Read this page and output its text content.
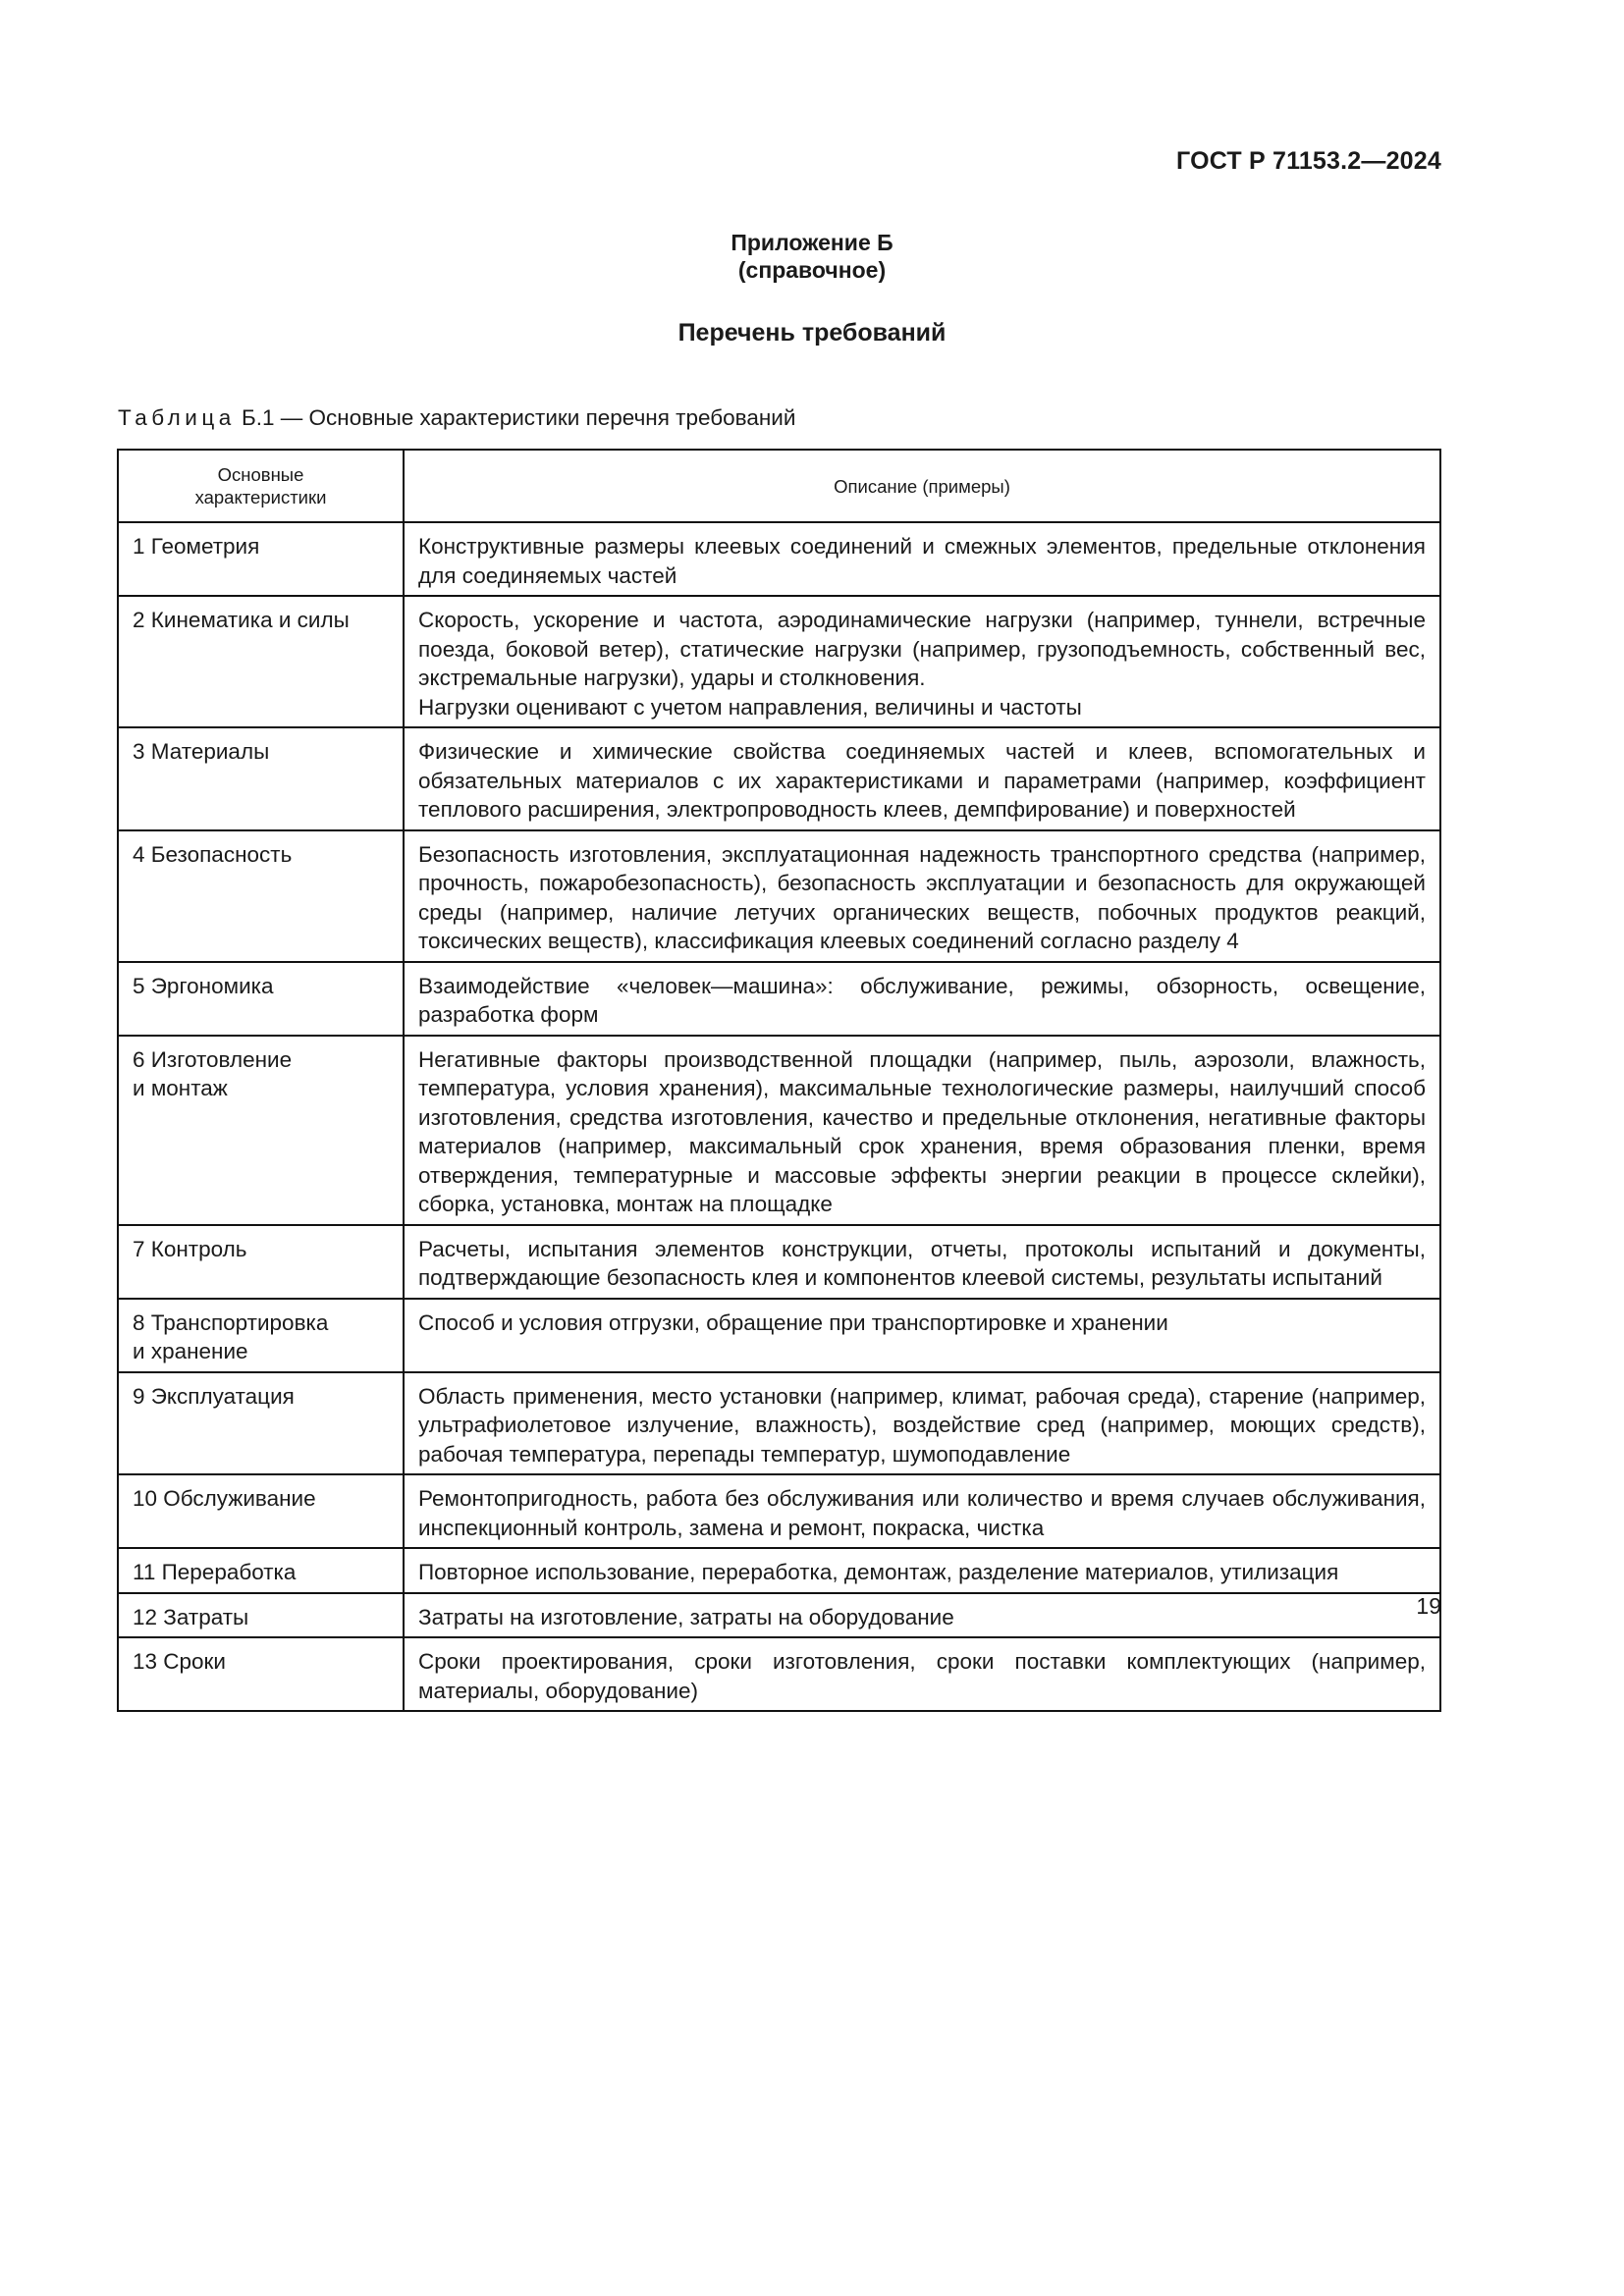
ГОСТ Р 71153.2—2024
Приложение Б
(справочное)
Перечень требований
Таблица Б.1 — Основные характеристики перечня требований
Основные характеристики	Описание (примеры)
1 Геометрия	Конструктивные размеры клеевых соединений и смежных элементов, предельные отклонения для соединяемых частей
2 Кинематика и силы	Скорость, ускорение и частота, аэродинамические нагрузки (например, туннели, встречные поезда, боковой ветер), статические нагрузки (например, грузоподъемность, собственный вес, экстремальные нагрузки), удары и столкновения.
Нагрузки оценивают с учетом направления, величины и частоты
3 Материалы	Физические и химические свойства соединяемых частей и клеев, вспомогательных и обязательных материалов с их характеристиками и параметрами (например, коэффициент теплового расширения, электропроводность клеев, демпфирование) и поверхностей
4 Безопасность	Безопасность изготовления, эксплуатационная надежность транспортного средства (например, прочность, пожаробезопасность), безопасность эксплуатации и безопасность для окружающей среды (например, наличие летучих органических веществ, побочных продуктов реакций, токсических веществ), классификация клеевых соединений согласно разделу 4
5 Эргономика	Взаимодействие «человек—машина»: обслуживание, режимы, обзорность, освещение, разработка форм
6 Изготовление
и монтаж	Негативные факторы производственной площадки (например, пыль, аэрозоли, влажность, температура, условия хранения), максимальные технологические размеры, наилучший способ изготовления, средства изготовления, качество и предельные отклонения, негативные факторы материалов (например, максимальный срок хранения, время образования пленки, время отверждения, температурные и массовые эффекты энергии реакции в процессе склейки), сборка, установка, монтаж на площадке
7 Контроль	Расчеты, испытания элементов конструкции, отчеты, протоколы испытаний и документы, подтверждающие безопасность клея и компонентов клеевой системы, результаты испытаний
8 Транспортировка
и хранение	Способ и условия отгрузки, обращение при транспортировке и хранении
9 Эксплуатация	Область применения, место установки (например, климат, рабочая среда), старение (например, ультрафиолетовое излучение, влажность), воздействие сред (например, моющих средств), рабочая температура, перепады температур, шумоподавление
10 Обслуживание	Ремонтопригодность, работа без обслуживания или количество и время случаев обслуживания, инспекционный контроль, замена и ремонт, покраска, чистка
11 Переработка	Повторное использование, переработка, демонтаж, разделение материалов, утилизация
12 Затраты	Затраты на изготовление, затраты на оборудование
13 Сроки	Сроки проектирования, сроки изготовления, сроки поставки комплектующих (например, материалы, оборудование)
19
